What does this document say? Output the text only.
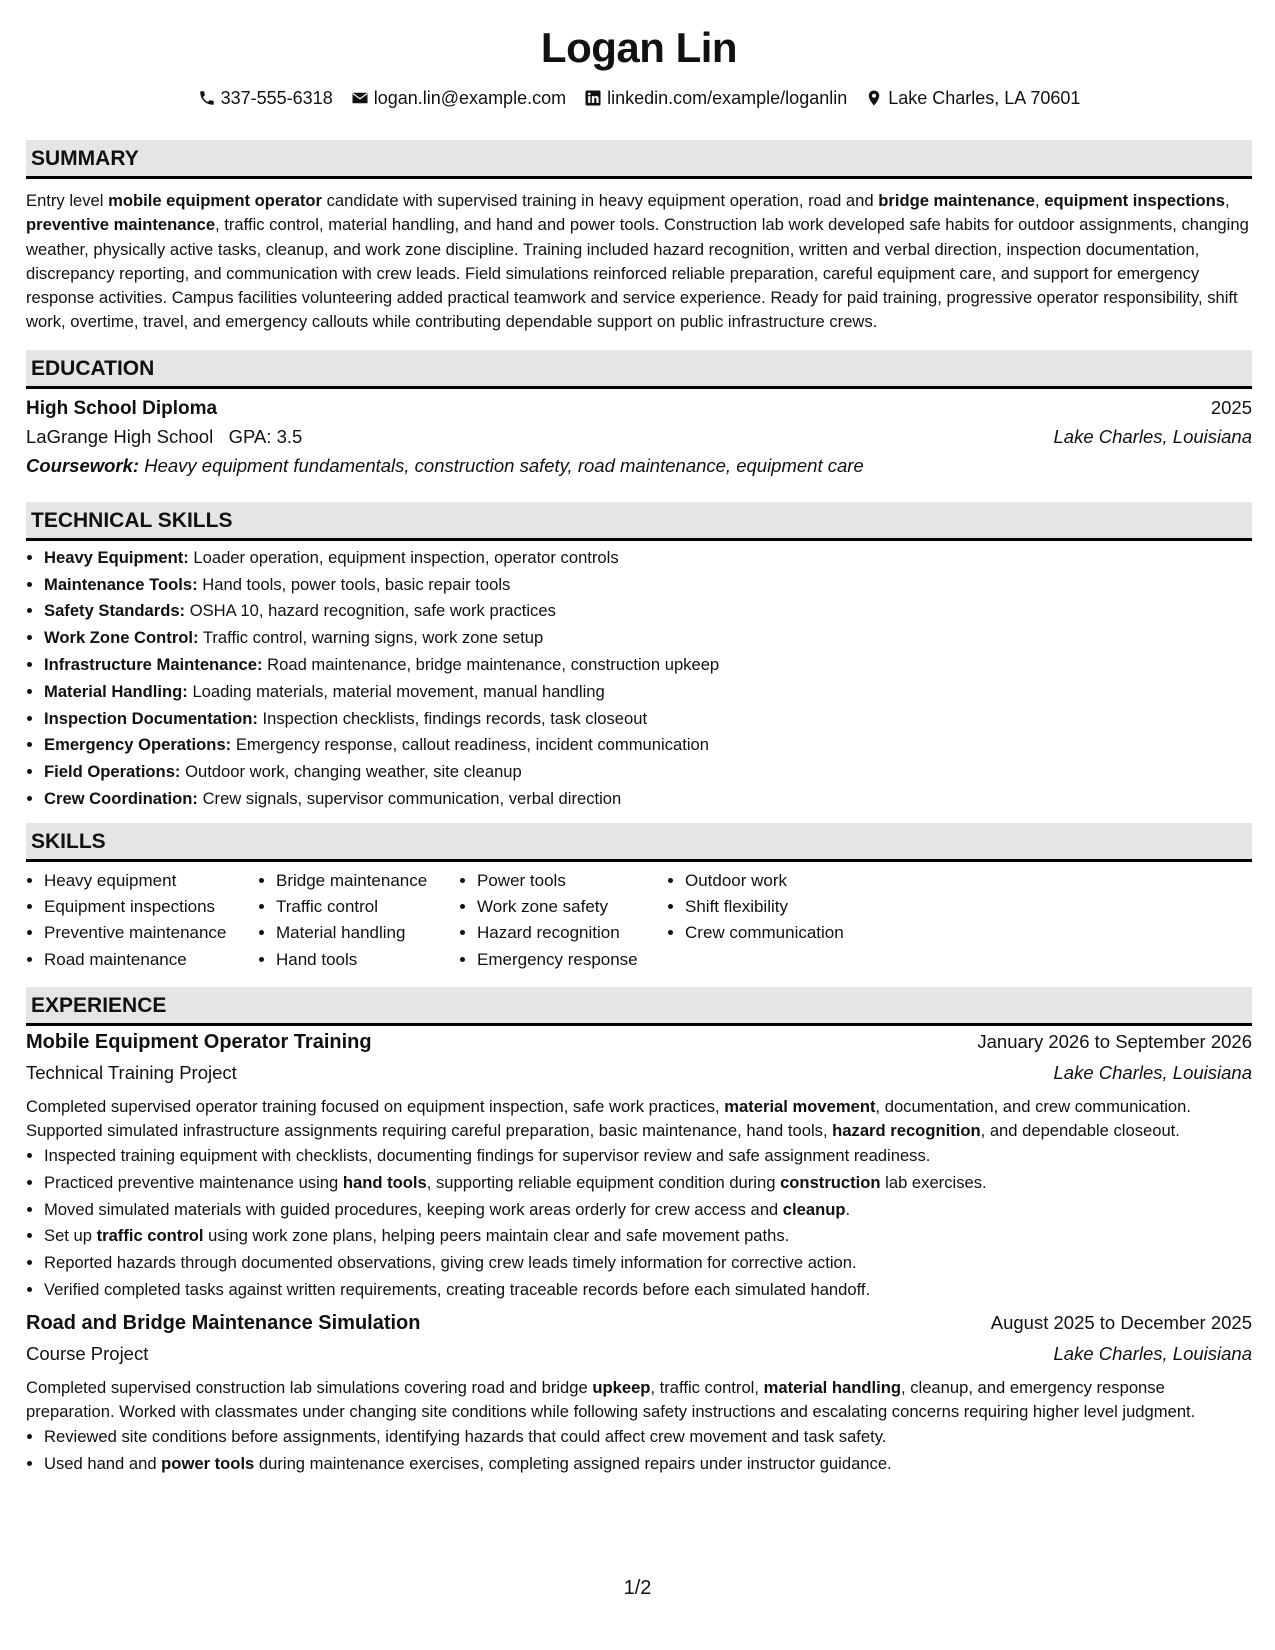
Logan Lin
337-555-6318 logan.lin@example.com linkedin.com/example/loganlin Lake Charles, LA 70601
SUMMARY
Entry level mobile equipment operator candidate with supervised training in heavy equipment operation, road and bridge maintenance, equipment inspections, preventive maintenance, traffic control, material handling, and hand and power tools. Construction lab work developed safe habits for outdoor assignments, changing weather, physically active tasks, cleanup, and work zone discipline. Training included hazard recognition, written and verbal direction, inspection documentation, discrepancy reporting, and communication with crew leads. Field simulations reinforced reliable preparation, careful equipment care, and support for emergency response activities. Campus facilities volunteering added practical teamwork and service experience. Ready for paid training, progressive operator responsibility, shift work, overtime, travel, and emergency callouts while contributing dependable support on public infrastructure crews.
EDUCATION
High School Diploma	2025
LaGrange High School GPA: 3.5	Lake Charles, Louisiana
Coursework: Heavy equipment fundamentals, construction safety, road maintenance, equipment care
TECHNICAL SKILLS
• Heavy Equipment: Loader operation, equipment inspection, operator controls
• Maintenance Tools: Hand tools, power tools, basic repair tools
• Safety Standards: OSHA 10, hazard recognition, safe work practices
• Work Zone Control: Traffic control, warning signs, work zone setup
• Infrastructure Maintenance: Road maintenance, bridge maintenance, construction upkeep
• Material Handling: Loading materials, material movement, manual handling
• Inspection Documentation: Inspection checklists, findings records, task closeout
• Emergency Operations: Emergency response, callout readiness, incident communication
• Field Operations: Outdoor work, changing weather, site cleanup
• Crew Coordination: Crew signals, supervisor communication, verbal direction
SKILLS
• Heavy equipment
• Equipment inspections
• Preventive maintenance
• Road maintenance
• Bridge maintenance
• Traffic control
• Material handling
• Hand tools
• Power tools
• Work zone safety
• Hazard recognition
• Emergency response
• Outdoor work
• Shift flexibility
• Crew communication
EXPERIENCE
Mobile Equipment Operator Training	January 2026 to September 2026
Technical Training Project	Lake Charles, Louisiana
Completed supervised operator training focused on equipment inspection, safe work practices, material movement, documentation, and crew communication. Supported simulated infrastructure assignments requiring careful preparation, basic maintenance, hand tools, hazard recognition, and dependable closeout.
• Inspected training equipment with checklists, documenting findings for supervisor review and safe assignment readiness.
• Practiced preventive maintenance using hand tools, supporting reliable equipment condition during construction lab exercises.
• Moved simulated materials with guided procedures, keeping work areas orderly for crew access and cleanup.
• Set up traffic control using work zone plans, helping peers maintain clear and safe movement paths.
• Reported hazards through documented observations, giving crew leads timely information for corrective action.
• Verified completed tasks against written requirements, creating traceable records before each simulated handoff.
Road and Bridge Maintenance Simulation	August 2025 to December 2025
Course Project	Lake Charles, Louisiana
Completed supervised construction lab simulations covering road and bridge upkeep, traffic control, material handling, cleanup, and emergency response preparation. Worked with classmates under changing site conditions while following safety instructions and escalating concerns requiring higher level judgment.
• Reviewed site conditions before assignments, identifying hazards that could affect crew movement and task safety.
• Used hand and power tools during maintenance exercises, completing assigned repairs under instructor guidance.
1/2
